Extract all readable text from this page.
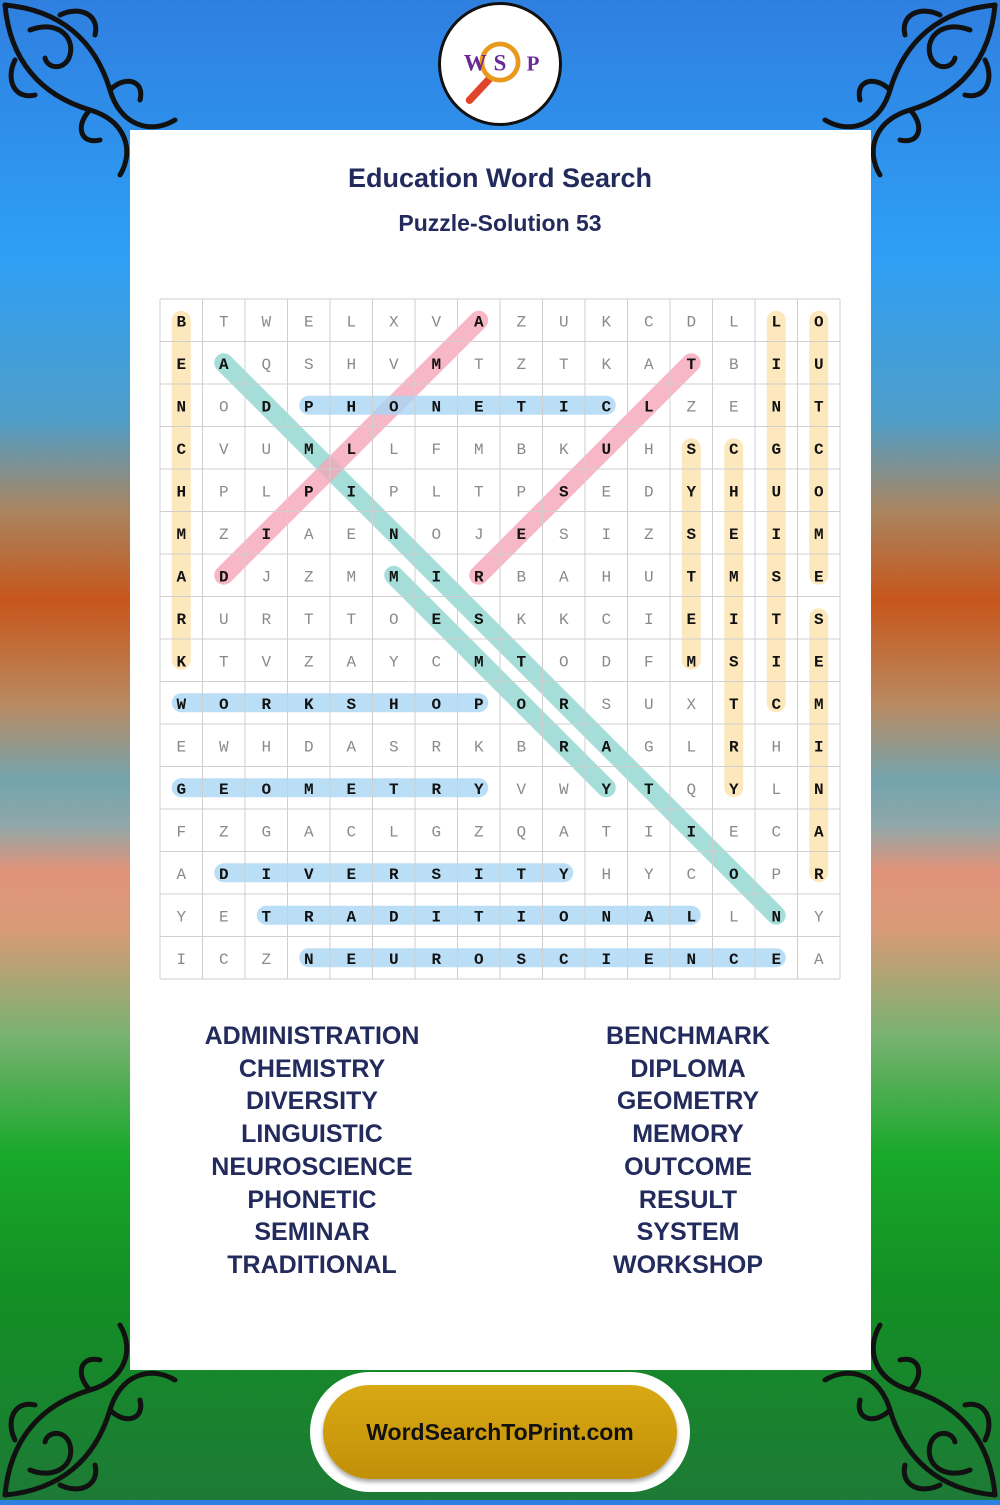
W S P
Education Word Search
Puzzle-Solution 53
B T W E L X V A Z U K C D L L O
E A Q S H V M T Z T K A T B I U
N O D P H O N E T I C L Z E N T
C V U M L L F M B K U H S C G C
H P L P I P L T P S E D Y H U O
M Z I A E N O J E S I Z S E I M
A D J Z M M I R B A H U T M S E
R U R T T O E S K K C I E I T S
K T V Z A Y C M T O D F M S I E
W O R K S H O P O R S U X T C M
E W H D A S R K B R A G L R H I
G E O M E T R Y V W Y T Q Y L N
F Z G A C L G Z Q A T I I E C A
A D I V E R S I T Y H Y C O P R
Y E T R A D I T I O N A L L N Y
I C Z N E U R O S C I E N C E A
ADMINISTRATION
CHEMISTRY
DIVERSITY
LINGUISTIC
NEUROSCIENCE
PHONETIC
SEMINAR
TRADITIONAL
BENCHMARK
DIPLOMA
GEOMETRY
MEMORY
OUTCOME
RESULT
SYSTEM
WORKSHOP
WordSearchToPrint.com
